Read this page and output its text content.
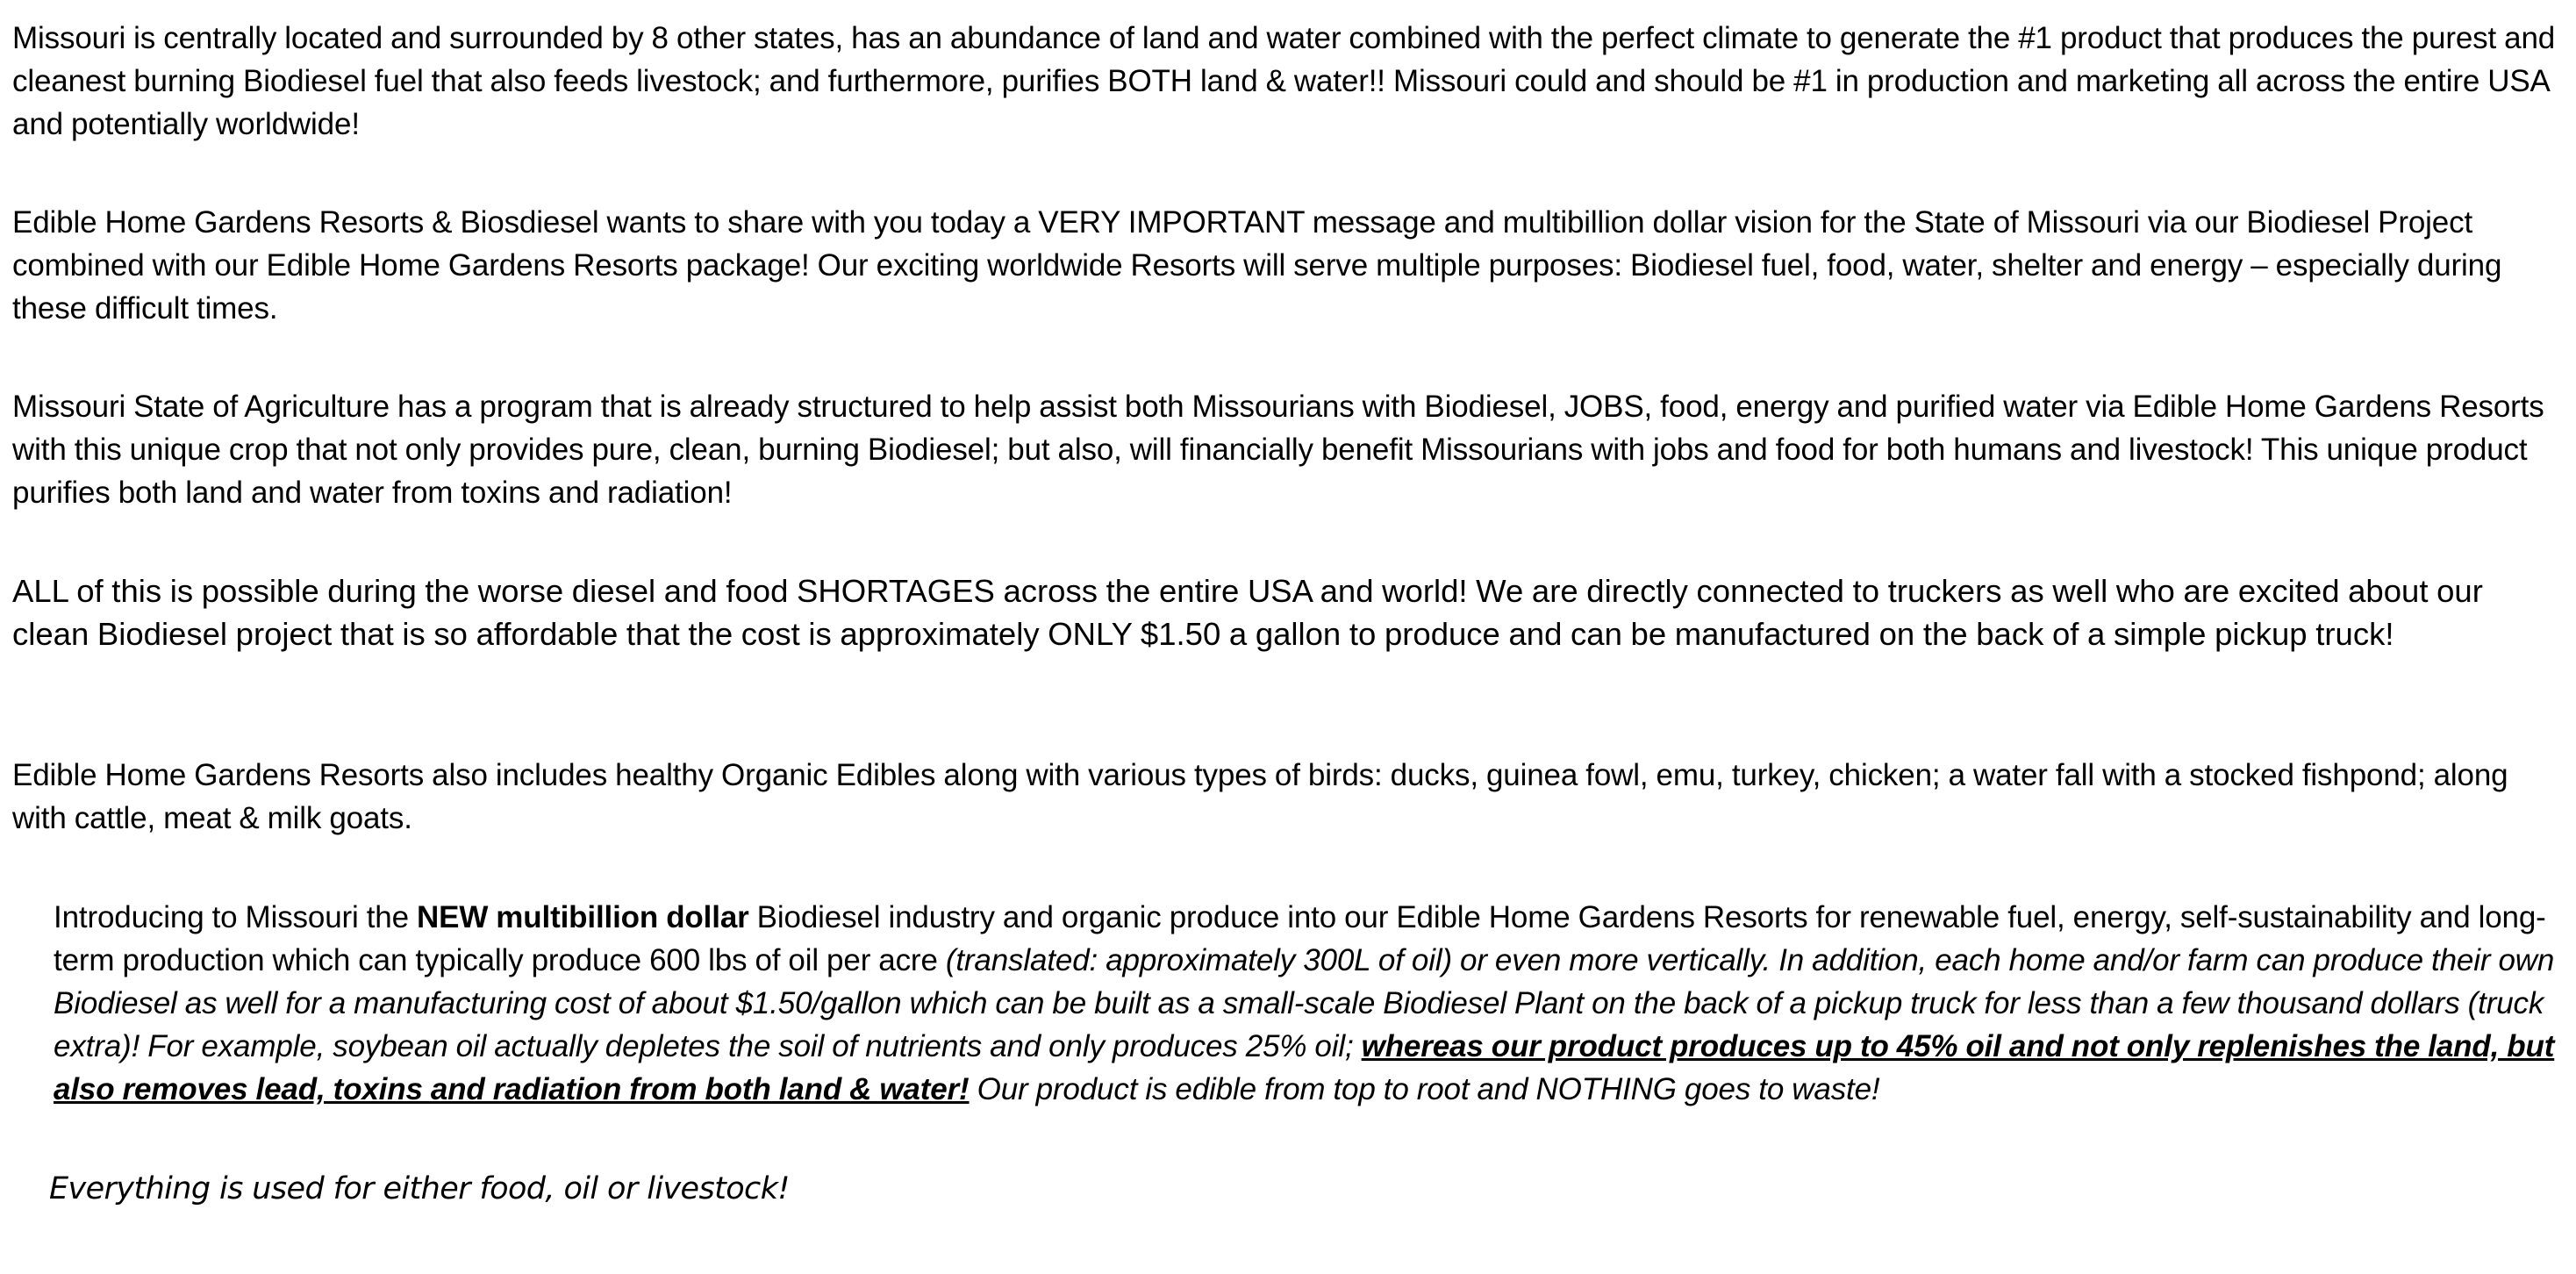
Missouri is centrally located and surrounded by 8 other states, has an abundance of land and water combined with the perfect climate to generate the #1 product that produces the purest and cleanest burning Biodiesel fuel that also feeds livestock; and furthermore, purifies BOTH land & water!! Missouri could and should be #1 in production and marketing all across the entire USA and potentially worldwide!

Edible Home Gardens Resorts & Biosdiesel wants to share with you today a VERY IMPORTANT message and multibillion dollar vision for the State of Missouri via our Biodiesel Project combined with our Edible Home Gardens Resorts package! Our exciting worldwide Resorts will serve multiple purposes: Biodiesel fuel, food, water, shelter and energy – especially during these difficult times.

Missouri State of Agriculture has a program that is already structured to help assist both Missourians with Biodiesel, JOBS, food, energy and purified water via Edible Home Gardens Resorts with this unique crop that not only provides pure, clean, burning Biodiesel; but also, will financially benefit Missourians with jobs and food for both humans and livestock! This unique product purifies both land and water from toxins and radiation!

ALL of this is possible during the worse diesel and food SHORTAGES across the entire USA and world! We are directly connected to truckers as well who are excited about our clean Biodiesel project that is so affordable that the cost is approximately ONLY $1.50 a gallon to produce and can be manufactured on the back of a simple pickup truck!

Edible Home Gardens Resorts also includes healthy Organic Edibles along with various types of birds: ducks, guinea fowl, emu, turkey, chicken; a water fall with a stocked fishpond; along with cattle, meat & milk goats.

Introducing to Missouri the NEW multibillion dollar Biodiesel industry and organic produce into our Edible Home Gardens Resorts for renewable fuel, energy, self-sustainability and long-term production which can typically produce 600 lbs of oil per acre (translated: approximately 300L of oil) or even more vertically. In addition, each home and/or farm can produce their own Biodiesel as well for a manufacturing cost of about $1.50/gallon which can be built as a small-scale Biodiesel Plant on the back of a pickup truck for less than a few thousand dollars (truck extra)! For example, soybean oil actually depletes the soil of nutrients and only produces 25% oil; whereas our product produces up to 45% oil and not only replenishes the land, but also removes lead, toxins and radiation from both land & water! Our product is edible from top to root and NOTHING goes to waste!

Everything is used for either food, oil or livestock!
